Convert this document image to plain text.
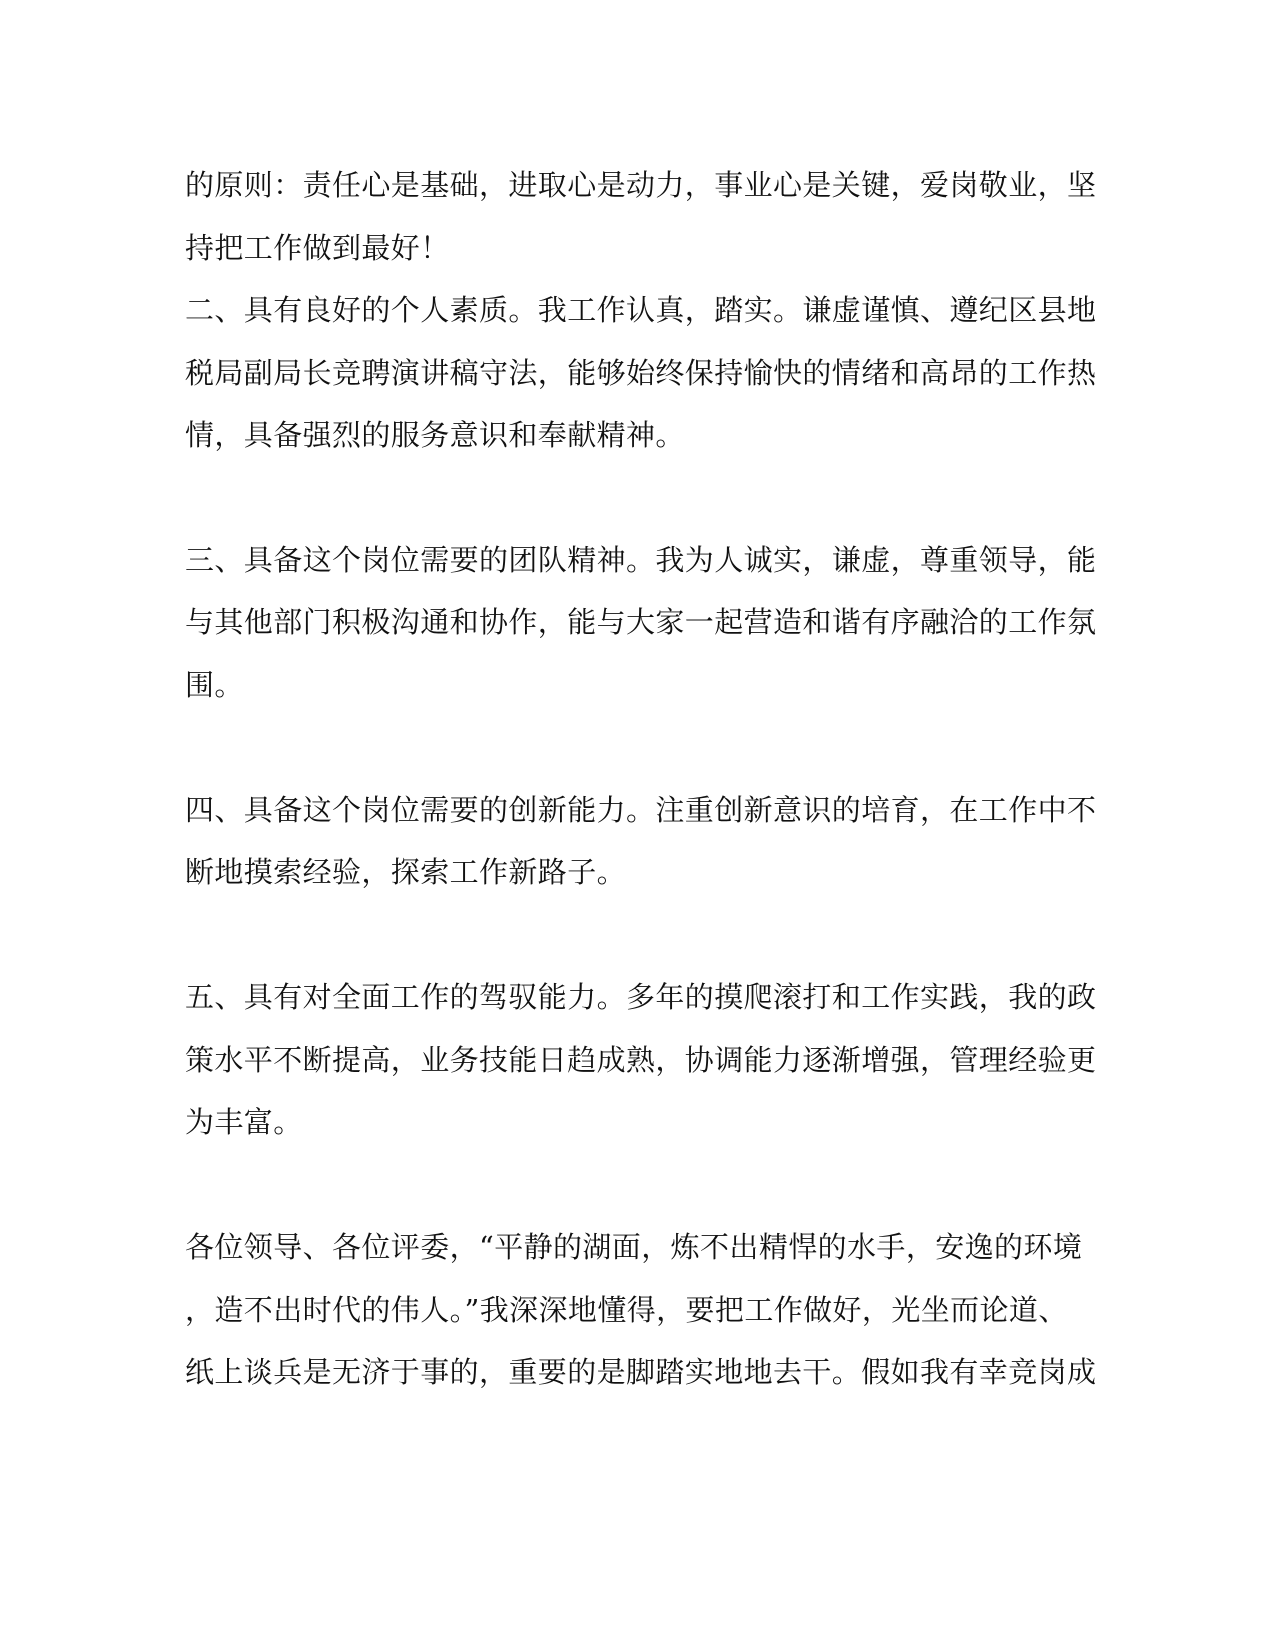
的原则：责任心是基础，进取心是动力，事业心是关键，爱岗敬业，坚
持把工作做到最好！
二、具有良好的个人素质。我工作认真，踏实。谦虚谨慎、遵纪区县地
税局副局长竞聘演讲稿守法，能够始终保持愉快的情绪和高昂的工作热
情，具备强烈的服务意识和奉献精神。
三、具备这个岗位需要的团队精神。我为人诚实，谦虚，尊重领导，能
与其他部门积极沟通和协作，能与大家一起营造和谐有序融洽的工作氛
围。
四、具备这个岗位需要的创新能力。注重创新意识的培育，在工作中不
断地摸索经验，探索工作新路子。
五、具有对全面工作的驾驭能力。多年的摸爬滚打和工作实践，我的政
策水平不断提高，业务技能日趋成熟，协调能力逐渐增强，管理经验更
为丰富。
各位领导、各位评委，“平静的湖面，炼不出精悍的水手，安逸的环境
，造不出时代的伟人。”我深深地懂得，要把工作做好，光坐而论道、
纸上谈兵是无济于事的，重要的是脚踏实地地去干。假如我有幸竞岗成
